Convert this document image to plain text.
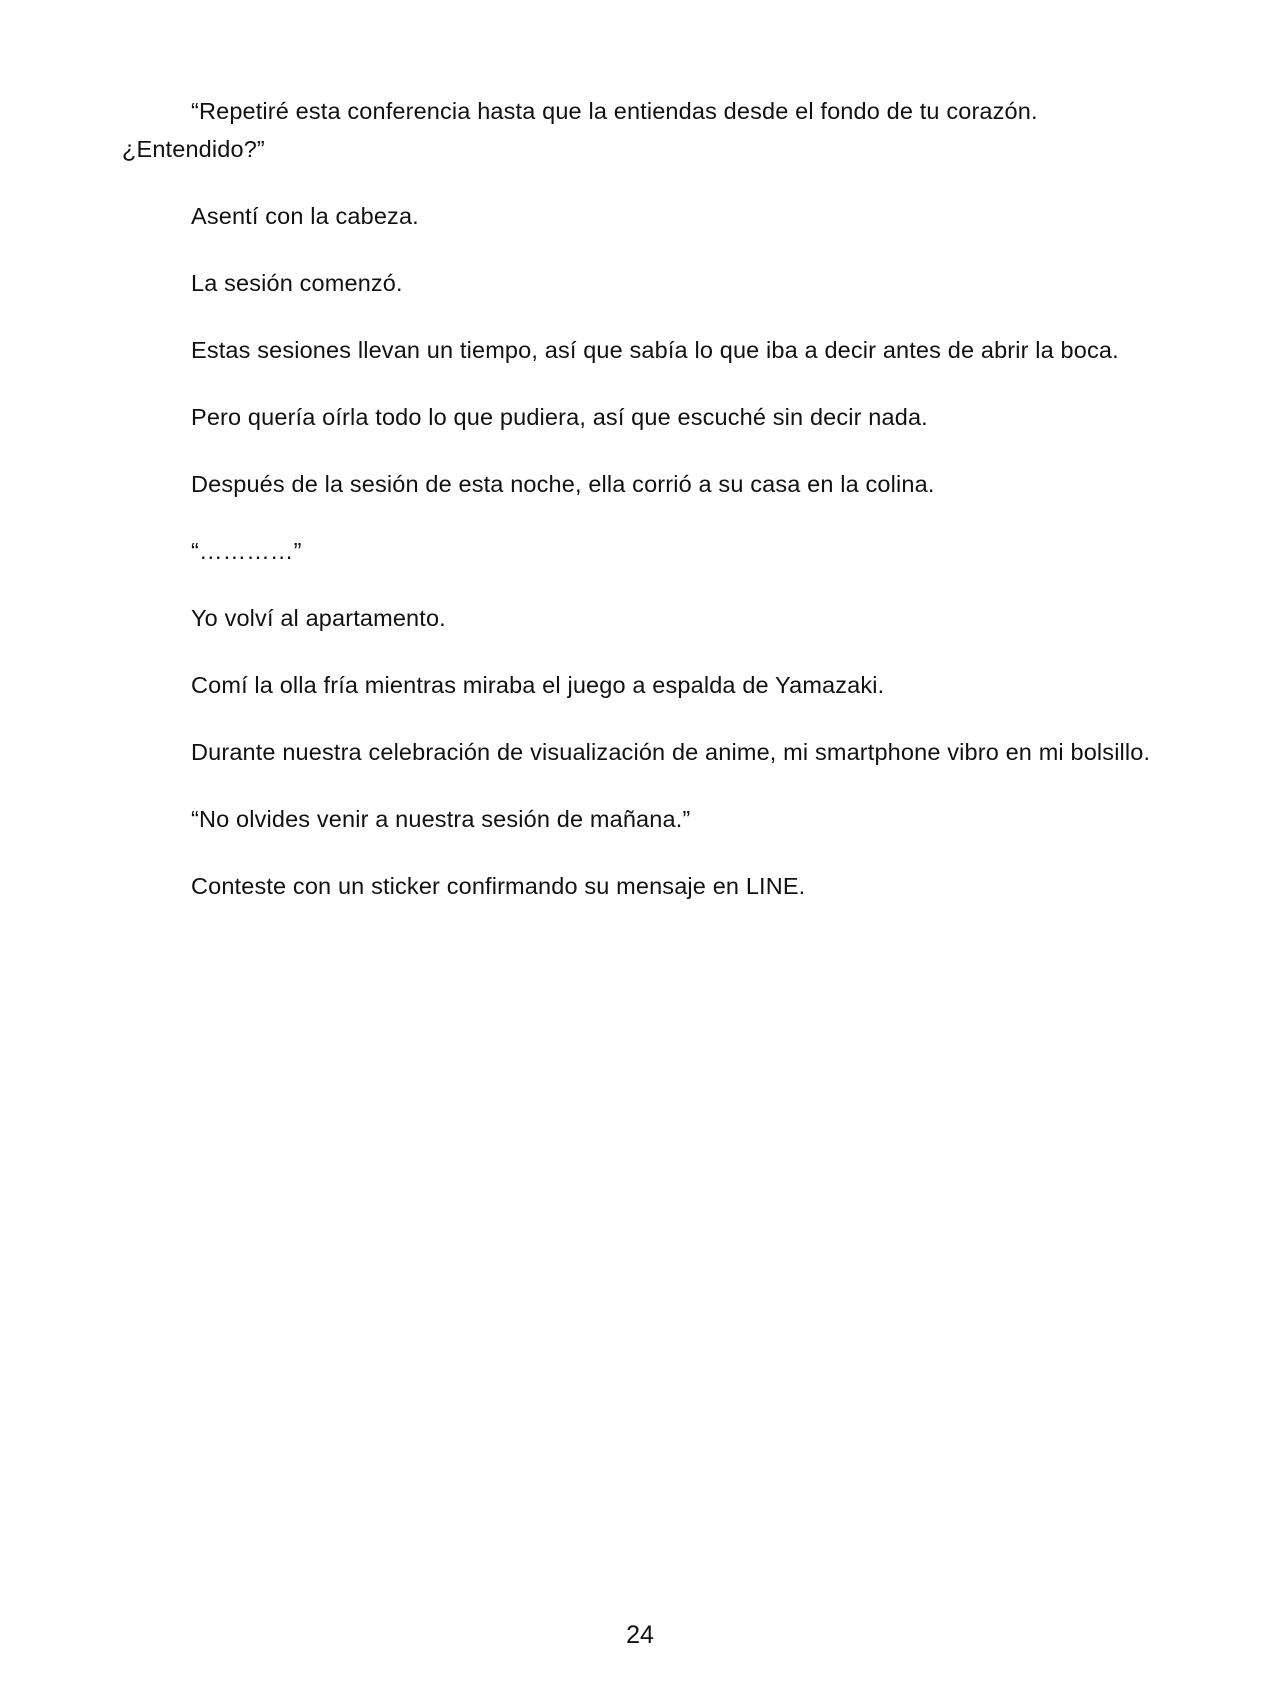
“Repetiré esta conferencia hasta que la entiendas desde el fondo de tu corazón. ¿Entendido?”

Asentí con la cabeza.

La sesión comenzó.

Estas sesiones llevan un tiempo, así que sabía lo que iba a decir antes de abrir la boca.

Pero quería oírla todo lo que pudiera, así que escuché sin decir nada.

Después de la sesión de esta noche, ella corrió a su casa en la colina.

“…………”

Yo volví al apartamento.

Comí la olla fría mientras miraba el juego a espalda de Yamazaki.

Durante nuestra celebración de visualización de anime, mi smartphone vibro en mi bolsillo.

“No olvides venir a nuestra sesión de mañana.”

Conteste con un sticker confirmando su mensaje en LINE.

24
